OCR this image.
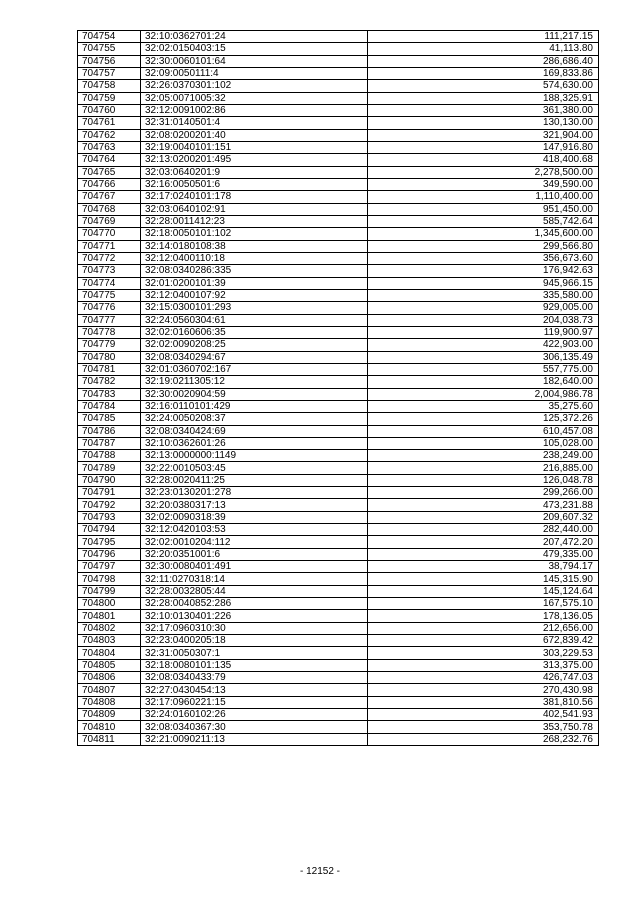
704754	32:10:0362701:24	111,217.15
704755	32:02:0150403:15	41,113.80
704756	32:30:0060101:64	286,686.40
704757	32:09:0050111:4	169,833.86
704758	32:26:0370301:102	574,630.00
704759	32:05:0071005:32	188,325.91
704760	32:12:0091002:86	361,380.00
704761	32:31:0140501:4	130,130.00
704762	32:08:0200201:40	321,904.00
704763	32:19:0040101:151	147,916.80
704764	32:13:0200201:495	418,400.68
704765	32:03:0640201:9	2,278,500.00
704766	32:16:0050501:6	349,590.00
704767	32:17:0240101:178	1,110,400.00
704768	32:03:0640102:91	951,450.00
704769	32:28:0011412:23	585,742.64
704770	32:18:0050101:102	1,345,600.00
704771	32:14:0180108:38	299,566.80
704772	32:12:0400110:18	356,673.60
704773	32:08:0340286:335	176,942.63
704774	32:01:0200101:39	945,966.15
704775	32:12:0400107:92	335,580.00
704776	32:15:0300101:293	929,005.00
704777	32:24:0560304:61	204,038.73
704778	32:02:0160606:35	119,900.97
704779	32:02:0090208:25	422,903.00
704780	32:08:0340294:67	306,135.49
704781	32:01:0360702:167	557,775.00
704782	32:19:0211305:12	182,640.00
704783	32:30:0020904:59	2,004,986.78
704784	32:16:0110101:429	35,275.60
704785	32:24:0050208:37	125,372.26
704786	32:08:0340424:69	610,457.08
704787	32:10:0362601:26	105,028.00
704788	32:13:0000000:1149	238,249.00
704789	32:22:0010503:45	216,885.00
704790	32:28:0020411:25	126,048.78
704791	32:23:0130201:278	299,266.00
704792	32:20:0380317:13	473,231.88
704793	32:02:0090318:39	209,607.32
704794	32:12:0420103:53	282,440.00
704795	32:02:0010204:112	207,472.20
704796	32:20:0351001:6	479,335.00
704797	32:30:0080401:491	38,794.17
704798	32:11:0270318:14	145,315.90
704799	32:28:0032805:44	145,124.64
704800	32:28:0040852:286	167,575.10
704801	32:10:0130401:226	178,136.05
704802	32:17:0960310:30	212,656.00
704803	32:23:0400205:18	672,839.42
704804	32:31:0050307:1	303,229.53
704805	32:18:0080101:135	313,375.00
704806	32:08:0340433:79	426,747.03
704807	32:27:0430454:13	270,430.98
704808	32:17:0960221:15	381,810.56
704809	32:24:0160102:26	402,541.93
704810	32:08:0340367:30	353,750.78
704811	32:21:0090211:13	268,232.76
- 12152 -
